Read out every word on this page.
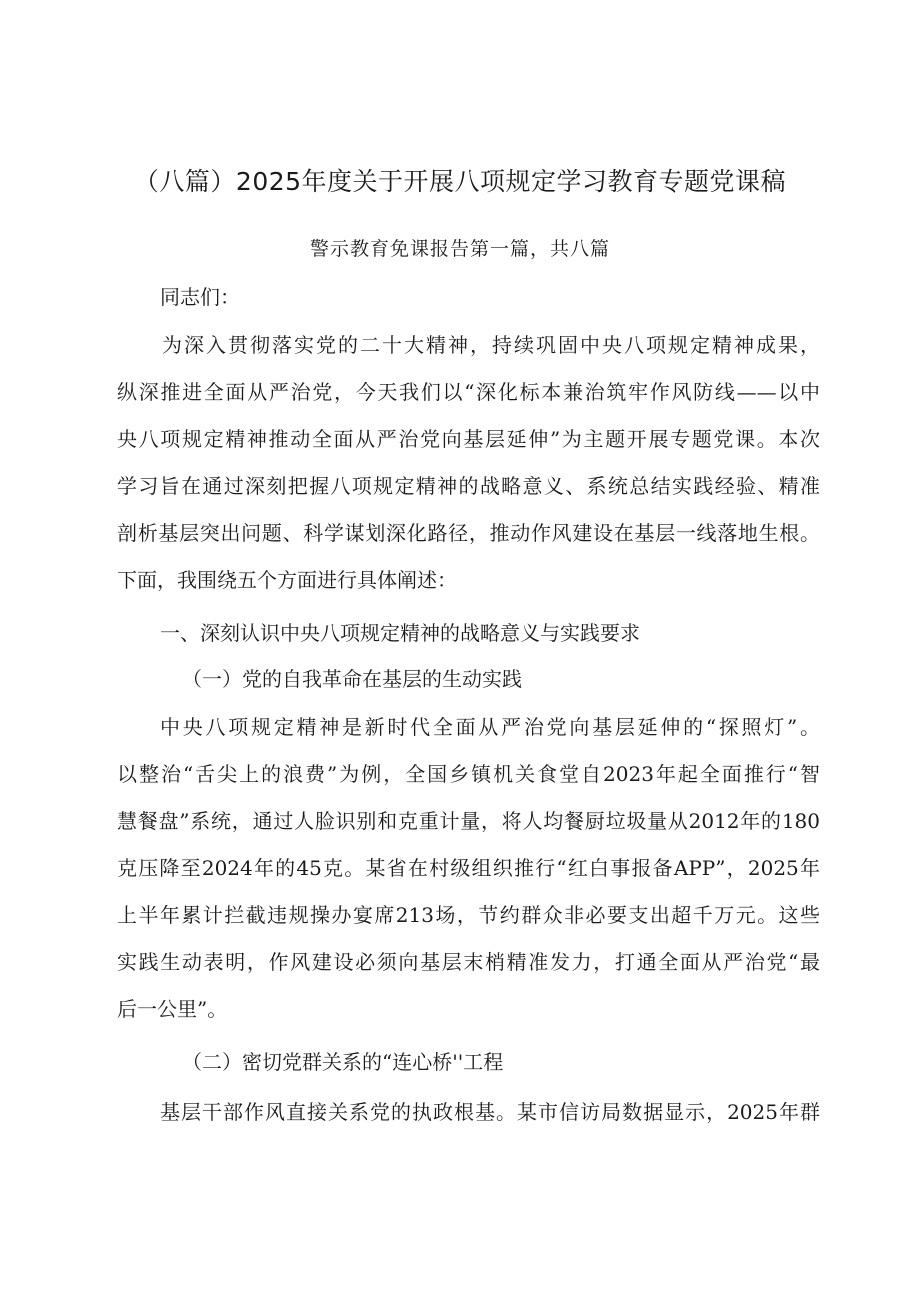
（八篇）2025年度关于开展八项规定学习教育专题党课稿

警示教育免课报告第一篇，共八篇

同志们：

为深入贯彻落实党的二十大精神，持续巩固中央八项规定精神成果，

纵深推进全面从严治党，今天我们以“深化标本兼治筑牢作风防线——以中

央八项规定精神推动全面从严治党向基层延伸”为主题开展专题党课。本次

学习旨在通过深刻把握八项规定精神的战略意义、系统总结实践经验、精准

剖析基层突出问题、科学谋划深化路径，推动作风建设在基层一线落地生根。

下面，我围绕五个方面进行具体阐述：

一、深刻认识中央八项规定精神的战略意义与实践要求

（一）党的自我革命在基层的生动实践

中央八项规定精神是新时代全面从严治党向基层延伸的“探照灯”。

以整治“舌尖上的浪费”为例，全国乡镇机关食堂自2023年起全面推行“智

慧餐盘”系统，通过人脸识别和克重计量，将人均餐厨垃圾量从2012年的180

克压降至2024年的45克。某省在村级组织推行“红白事报备APP”，2025年

上半年累计拦截违规操办宴席213场，节约群众非必要支出超千万元。这些

实践生动表明，作风建设必须向基层末梢精准发力，打通全面从严治党“最

后一公里”。

（二）密切党群关系的“连心桥''工程

基层干部作风直接关系党的执政根基。某市信访局数据显示，2025年群
